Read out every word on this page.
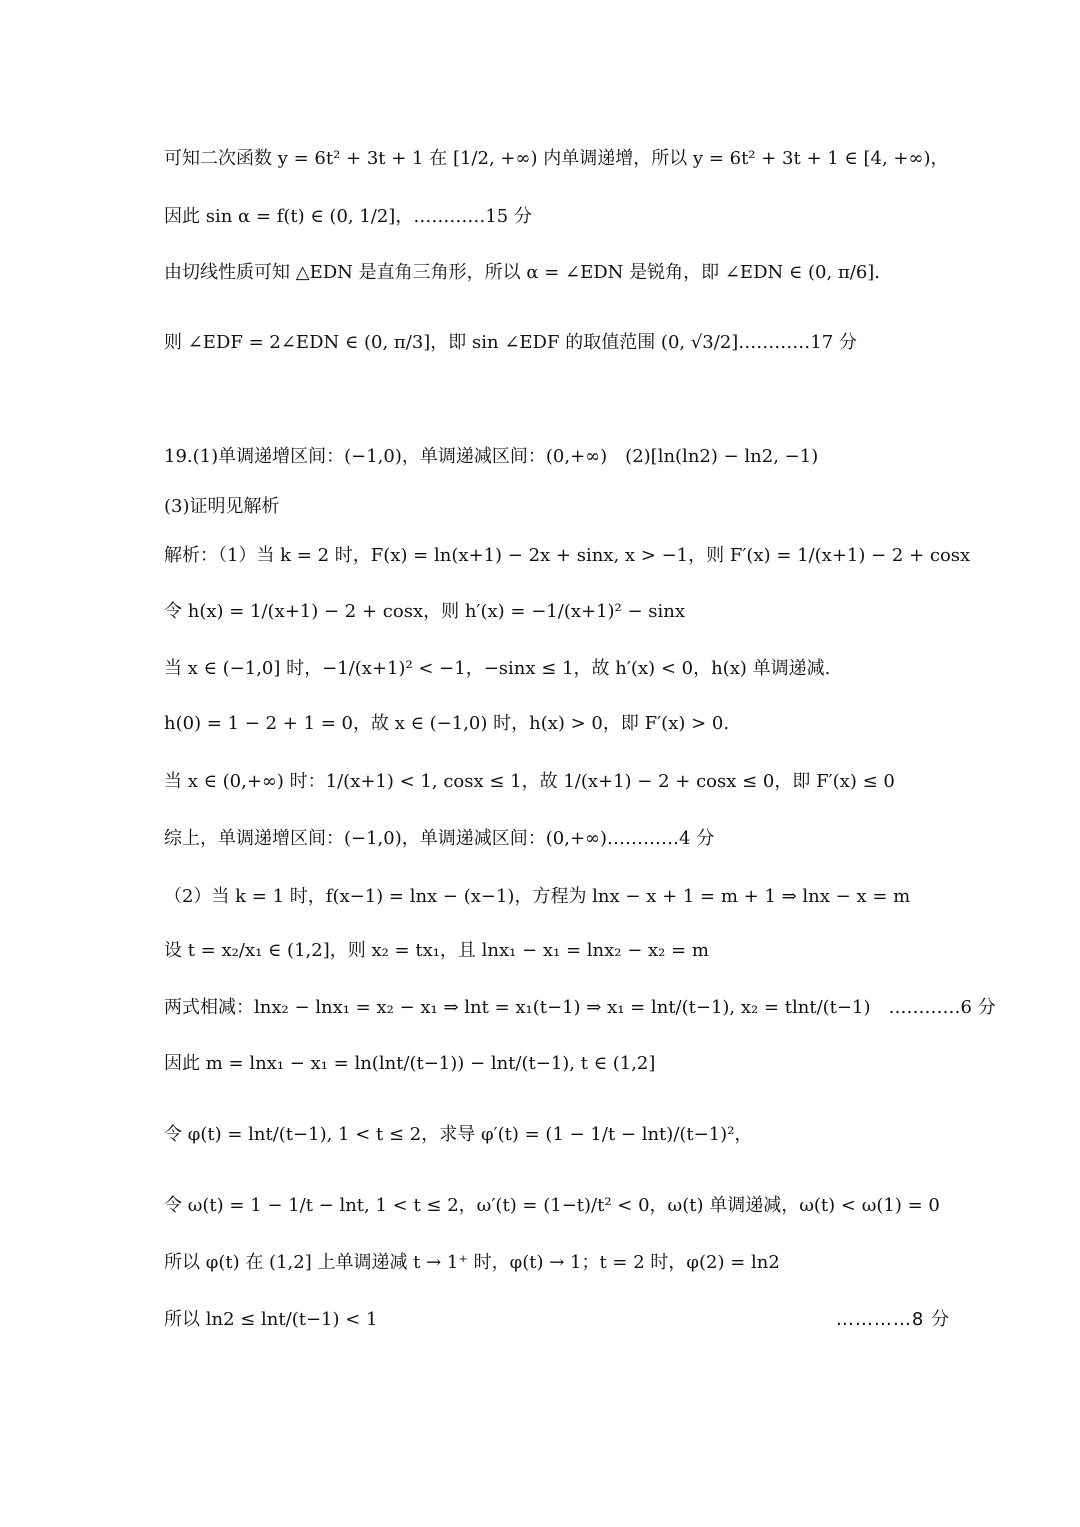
可知二次函数 y = 6t² + 3t + 1 在 [1/2, +∞) 内单调递增，所以 y = 6t² + 3t + 1 ∈ [4, +∞)，
因此 sin α = f(t) ∈ (0, 1/2]，…………15 分
由切线性质可知 △EDN 是直角三角形，所以 α = ∠EDN 是锐角，即 ∠EDN ∈ (0, π/6].
则 ∠EDF = 2∠EDN ∈ (0, π/3]，即 sin ∠EDF 的取值范围 (0, √3/2]…………17 分
19.(1)单调递增区间：(−1,0)，单调递减区间：(0,+∞)　(2)[ln(ln2) − ln2, −1)
(3)证明见解析
解析：（1）当 k = 2 时，F(x) = ln(x+1) − 2x + sinx, x > −1，则 F′(x) = 1/(x+1) − 2 + cosx
令 h(x) = 1/(x+1) − 2 + cosx，则 h′(x) = −1/(x+1)² − sinx
当 x ∈ (−1,0] 时，−1/(x+1)² < −1，−sinx ≤ 1，故 h′(x) < 0，h(x) 单调递减.
h(0) = 1 − 2 + 1 = 0，故 x ∈ (−1,0) 时，h(x) > 0，即 F′(x) > 0.
当 x ∈ (0,+∞) 时：1/(x+1) < 1, cosx ≤ 1，故 1/(x+1) − 2 + cosx ≤ 0，即 F′(x) ≤ 0
综上，单调递增区间：(−1,0)，单调递减区间：(0,+∞)…………4 分
（2）当 k = 1 时，f(x−1) = lnx − (x−1)，方程为 lnx − x + 1 = m + 1 ⇒ lnx − x = m
设 t = x₂/x₁ ∈ (1,2]，则 x₂ = tx₁，且 lnx₁ − x₁ = lnx₂ − x₂ = m
两式相减：lnx₂ − lnx₁ = x₂ − x₁ ⇒ lnt = x₁(t−1) ⇒ x₁ = lnt/(t−1), x₂ = tlnt/(t−1)　…………6 分
因此 m = lnx₁ − x₁ = ln(lnt/(t−1)) − lnt/(t−1), t ∈ (1,2]
令 φ(t) = lnt/(t−1), 1 < t ≤ 2，求导 φ′(t) = (1 − 1/t − lnt)/(t−1)²，
令 ω(t) = 1 − 1/t − lnt, 1 < t ≤ 2，ω′(t) = (1−t)/t² < 0，ω(t) 单调递减，ω(t) < ω(1) = 0
所以 φ(t) 在 (1,2] 上单调递减 t → 1⁺ 时，φ(t) → 1；t = 2 时，φ(2) = ln2
所以 ln2 ≤ lnt/(t−1) < 1	…………8 分
